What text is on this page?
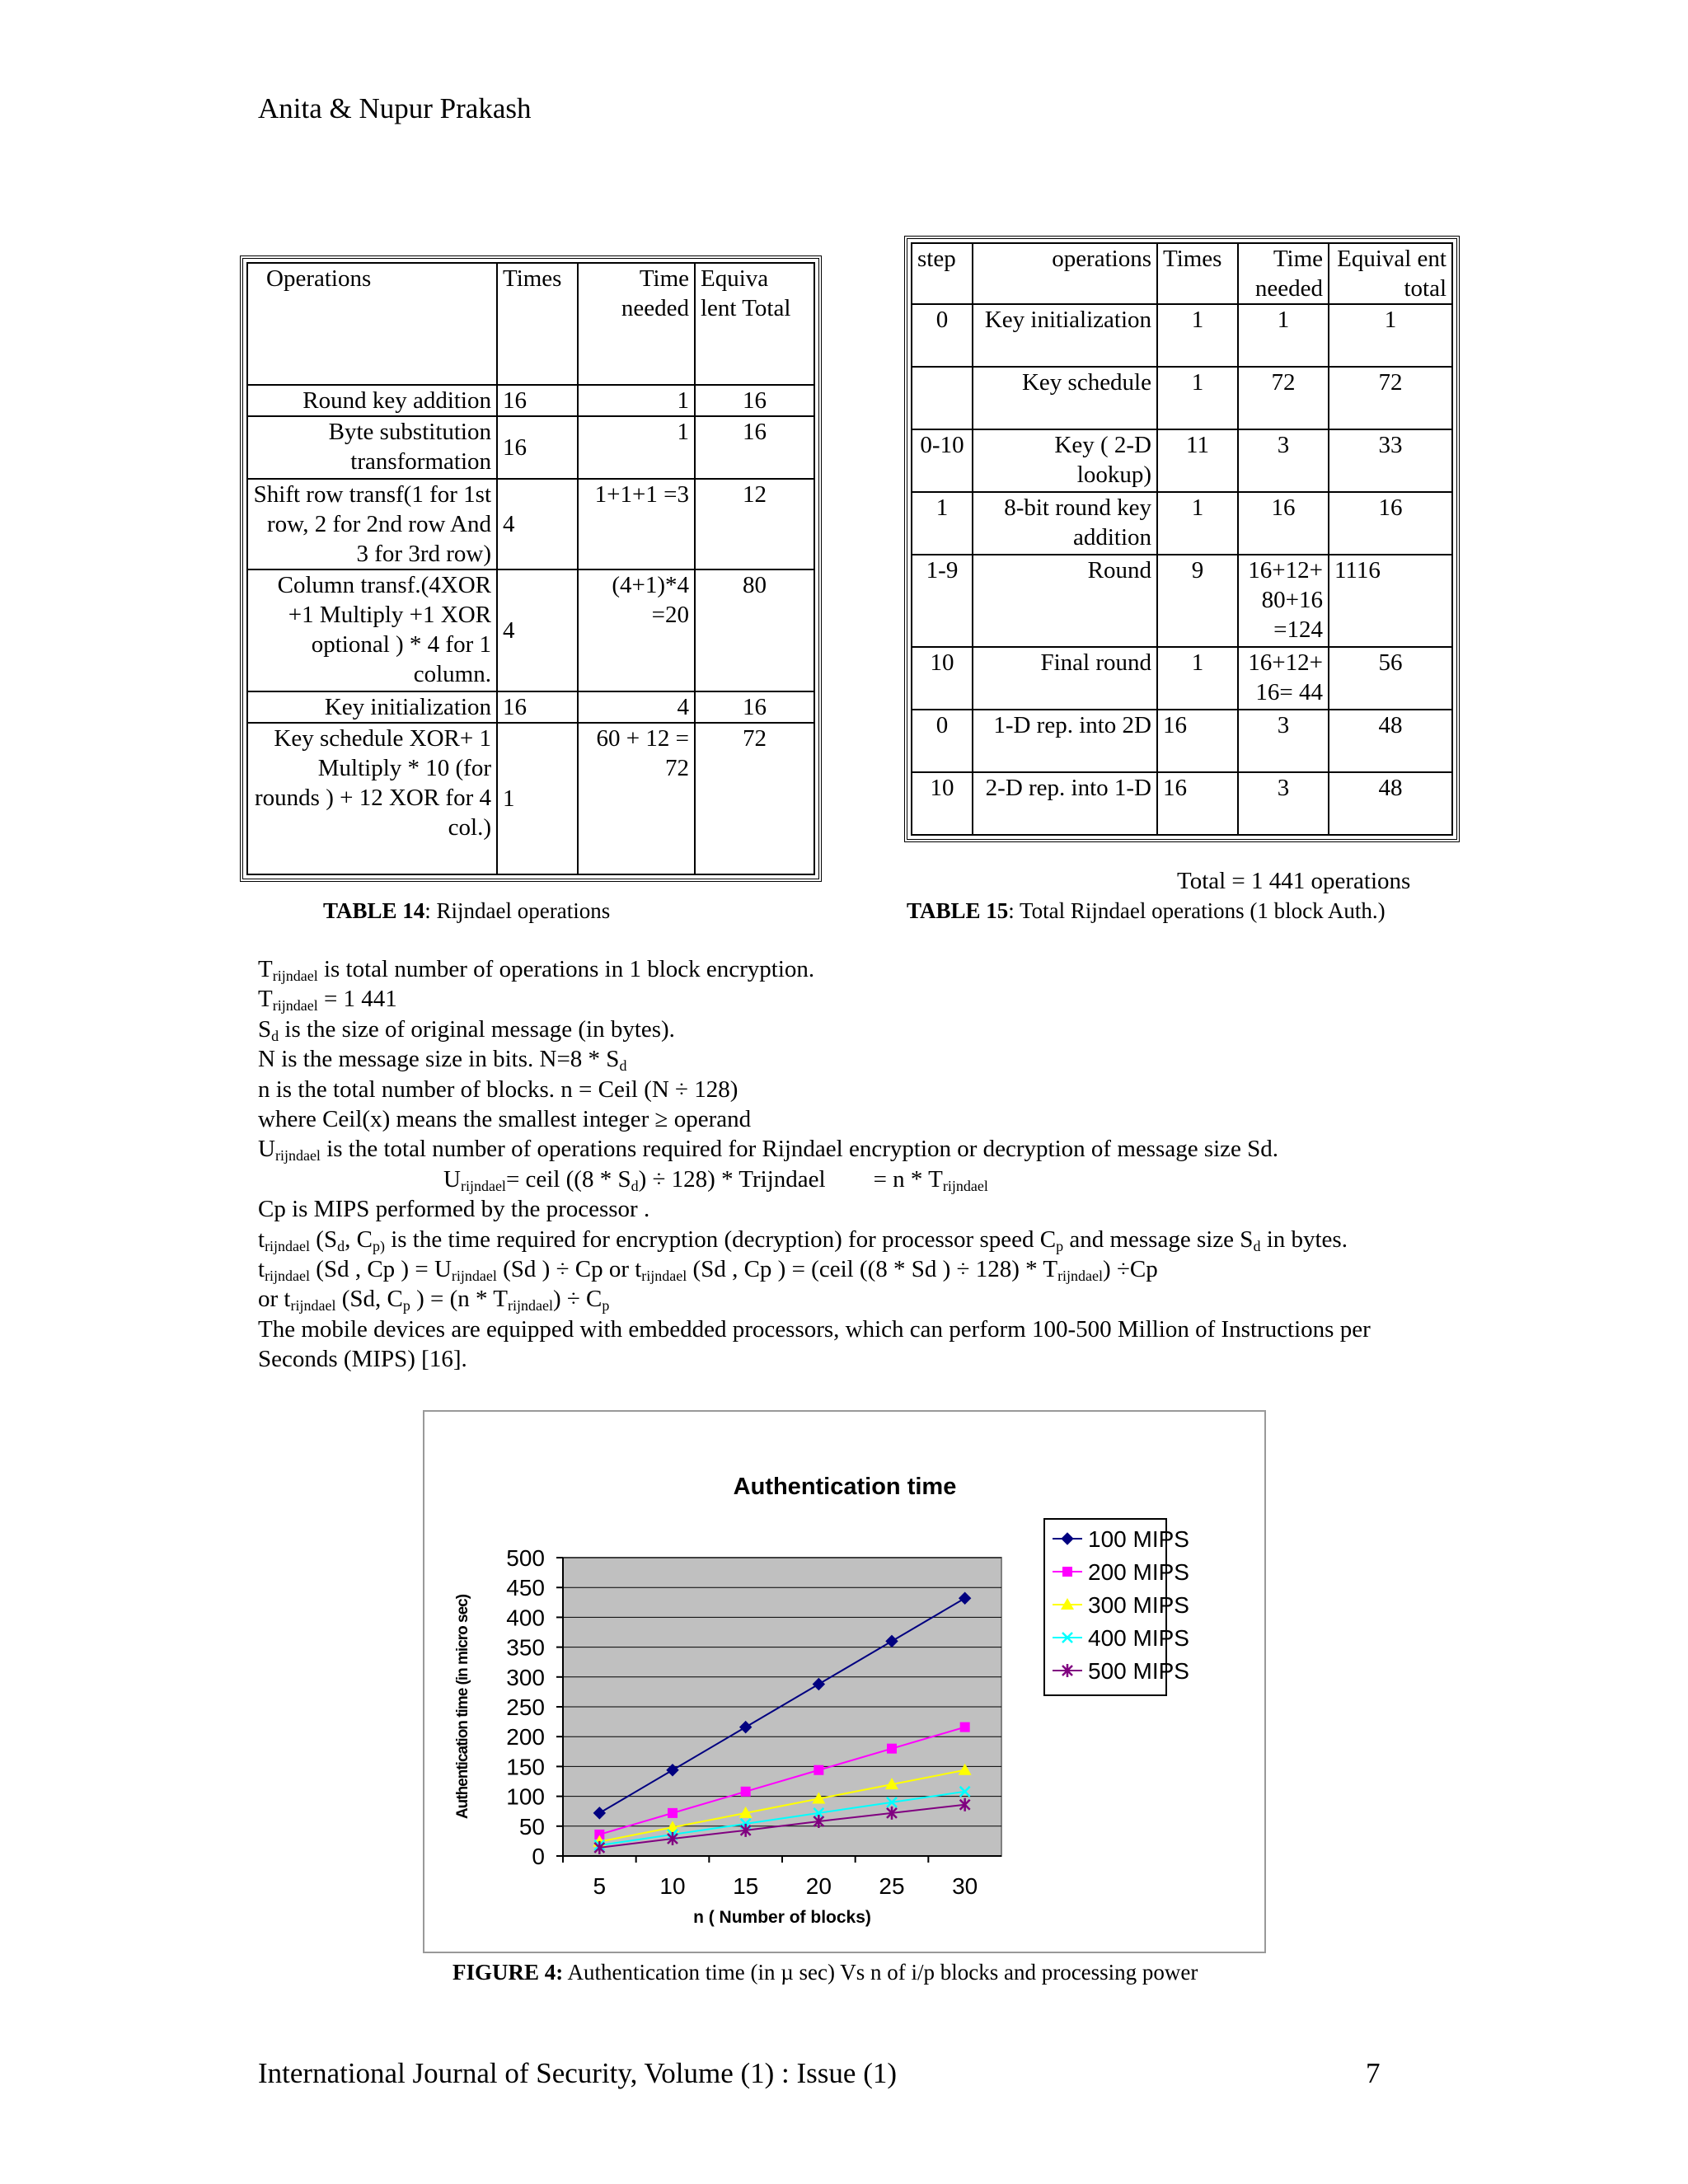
Anita & Nupur Prakash
Operations	Times	Time needed	Equiva lent Total
Round key addition	16	1	16
Byte substitution transformation	16	1	16
Shift row transf(1 for 1st row, 2 for 2nd row And 3 for 3rd row)	4	1+1+1 =3	12
Column transf.(4XOR +1 Multiply +1 XOR optional ) * 4 for 1 column.	4	(4+1)*4 =20	80
Key initialization	16	4	16
Key schedule XOR+ 1 Multiply * 10 (for rounds ) + 12 XOR for 4 col.)	1	60 + 12 = 72	72
TABLE 14: Rijndael operations
step	operations	Times	Time needed	Equival ent total
0	Key initialization	1	1	1
	Key schedule	1	72	72
0-10	Key ( 2-D lookup)	11	3	33
1	8-bit round key addition	1	16	16
1-9	Round	9	16+12+ 80+16 =124	1116
10	Final round	1	16+12+ 16= 44	56
0	1-D rep. into 2D	16	3	48
10	2-D rep. into 1-D	16	3	48
Total = 1 441 operations
TABLE 15: Total Rijndael operations (1 block Auth.)

$T_{rijndael}$ is total number of operations in 1 block encryption.

$T_{rijndael} = 1$ 441

$S_d$ is the size of original message (in bytes).

N is the message size in bits. $N=8 * S_d$

n is the total number of blocks. n = Ceil (N ÷ 128)

where Ceil(x) means the smallest integer ≥ operand

$U_{rijndael}$ is the total number of operations required for Rijndael encryption or decryption of message size Sd.

$U_{rijndael}=$ ceil $((8 * S_d) \div 128)$ * Trijndael        = n * $T_{rijndael}$

Cp is MIPS performed by the processor .

$t_{rijndael}$ ($S_d$, $C_{p)}$ is the time required for encryption (decryption) for processor speed $C_p$ and message size $S_d$ in bytes.

$t_{rijndael}$ (Sd , Cp ) = $U_{rijndael}$ (Sd ) ÷ Cp or $t_{rijndael}$ (Sd , Cp ) = (ceil ((8 * Sd ) ÷ $128) * T_{rijndael}) \div Cp$

or $t_{rijndael}$ (Sd, $C_p$ ) = $(n * T_{rijndael}) \div C_p$

The mobile devices are equipped with embedded processors, which can perform 100-500 Million of Instructions per Seconds (MIPS) [16].

0
50
100
150
200
250
300
350
400
450
500
5 10 15 20 25 30
Authentication time
n ( Number of blocks)
Authentication time (in micro sec)
100 MIPS
200 MIPS
300 MIPS
400 MIPS
500 MIPS
FIGURE 4: Authentication time (in µ sec) Vs n of i/p blocks and processing power
International Journal of Security, Volume (1) : Issue (1)	7
